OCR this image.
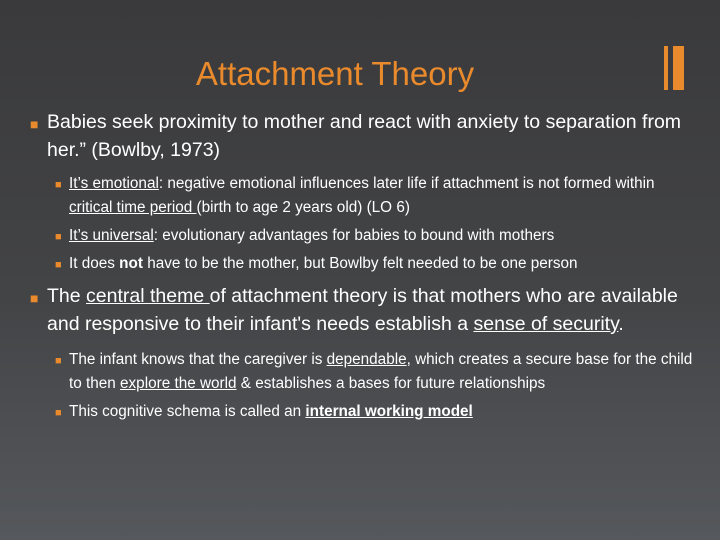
Attachment Theory
■ Babies seek proximity to mother and react with anxiety to separation from her.” (Bowlby, 1973)
■ It’s emotional: negative emotional influences later life if attachment is not formed within critical time period (birth to age 2 years old) (LO 6)
■ It’s universal: evolutionary advantages for babies to bound with mothers
■ It does not have to be the mother, but Bowlby felt needed to be one person
■ The central theme of attachment theory is that mothers who are available and responsive to their infant's needs establish a sense of security.
■ The infant knows that the caregiver is dependable, which creates a secure base for the child to then explore the world & establishes a bases for future relationships
■ This cognitive schema is called an internal working model
